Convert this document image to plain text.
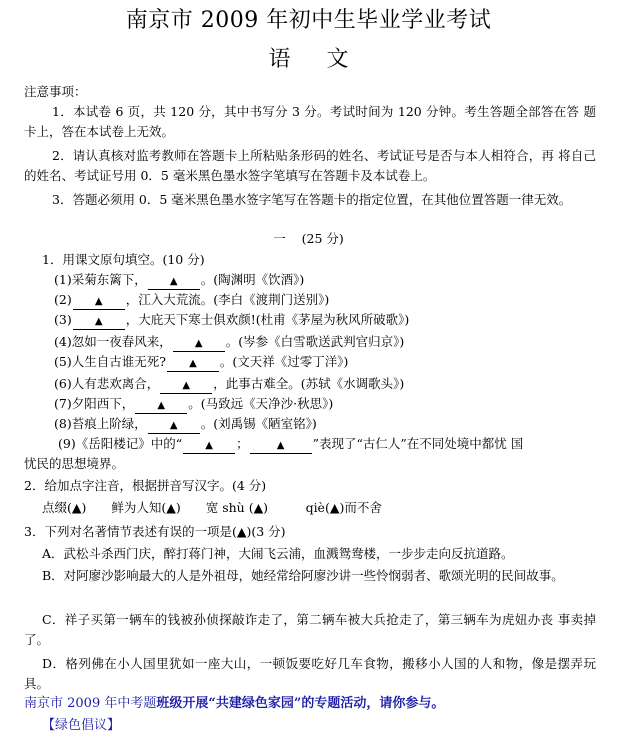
南京市 2009 年初中生毕业学业考试
语文
注意事项：
1．本试卷 6 页，共 120 分，其中书写分 3 分。考试时间为 120 分钟。考生答题全部答在答 题卡上，答在本试卷上无效。
2．请认真核对监考教师在答题卡上所粘贴条形码的姓名、考试证号是否与本人相符合，再 将自己的姓名、考试证号用 0．5 毫米黑色墨水签字笔填写在答题卡及本试卷上。
3．答题必须用 0．5 毫米黑色墨水签字笔写在答题卡的指定位置，在其他位置答题一律无效。
一 (25 分)
1．用课文原句填空。(10 分)
(1)采菊东篱下， ▲ 。(陶渊明《饮酒》)
(2) ▲ ，江入大荒流。(李白《渡荆门送别》)
(3) ▲ ，大庇天下寒士俱欢颜!(杜甫《茅屋为秋风所破歌》)
(4)忽如一夜春风来， ▲ 。(岑参《白雪歌送武判官归京》)
(5)人生自古谁无死? ▲ 。(文天祥《过零丁洋》)
(6)人有悲欢离合， ▲ ，此事古难全。(苏轼《水调歌头》)
(7)夕阳西下， ▲ 。(马致远《天净沙·秋思》)
(8)苔痕上阶绿， ▲ 。(刘禹锡《陋室铭》)
(9)《岳阳楼记》中的“ ▲ ；	▲ ”表现了“古仁人”在不同处境中都忧 国
忧民的思想境界。
2．给加点字注音，根据拼音写汉字。(4 分)
点缀(▲)　　鲜为人知(▲)　　宽 shù (▲)　　　qiè(▲)而不舍
3．下列对名著情节表述有误的一项是(▲)(3 分)
A．武松斗杀西门庆，醉打蒋门神，大闹飞云浦，血溅鸳鸯楼，一步步走向反抗道路。
B．对阿廖沙影响最大的人是外祖母，她经常给阿廖沙讲一些怜悯弱者、歌颂光明的民间故事。
C．祥子买第一辆车的钱被孙侦探敲诈走了，第二辆车被大兵抢走了，第三辆车为虎妞办丧 事卖掉了。
D．格列佛在小人国里犹如一座大山，一顿饭要吃好几车食物，搬移小人国的人和物，像是摆弄玩具。
南京市 2009 年中考题班级开展“共建绿色家园”的专题活动，请你参与。
【绿色倡议】
